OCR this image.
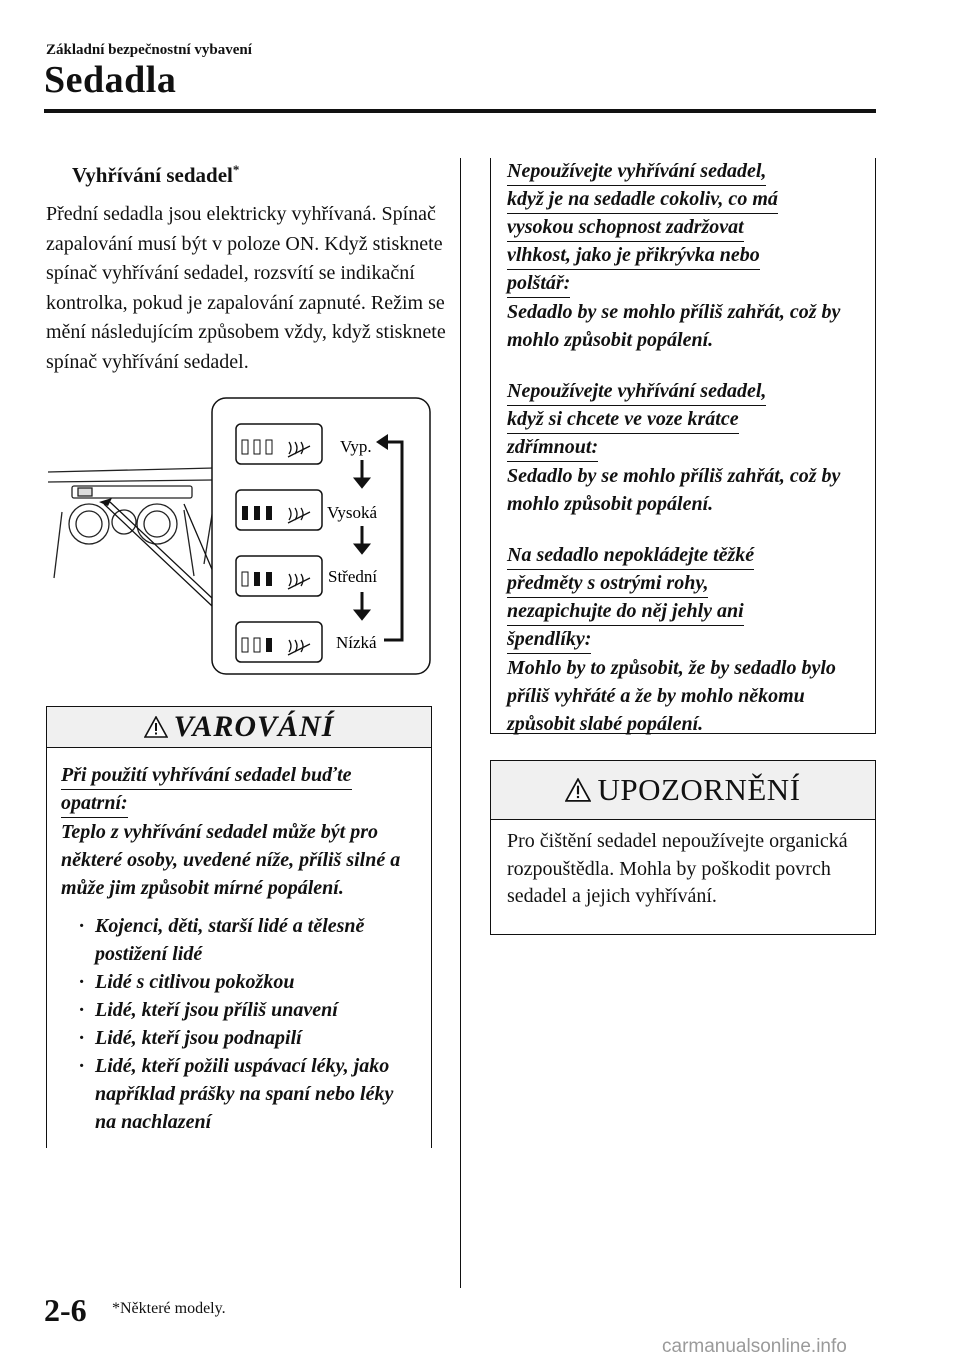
Základní bezpečnostní vybavení
Sedadla
Vyhřívání sedadel*
Přední sedadla jsou elektricky vyhřívaná. Spínač zapalování musí být v poloze ON. Když stisknete spínač vyhřívání sedadel, rozsvítí se indikační kontrolka, pokud je zapalování zapnuté. Režim se mění následujícím způsobem vždy, když stisknete spínač vyhřívání sedadel.
Vyp.
Vysoká
Střední
Nízká
VAROVÁNÍ
Při použití vyhřívání sedadel buďte
opatrní:
Teplo z vyhřívání sedadel může být pro některé osoby, uvedené níže, příliš silné a může jim způsobit mírné popálení.
· Kojenci, děti, starší lidé a tělesně postižení lidé
· Lidé s citlivou pokožkou
· Lidé, kteří jsou příliš unavení
· Lidé, kteří jsou podnapilí
· Lidé, kteří požili uspávací léky, jako například prášky na spaní nebo léky na nachlazení
Nepoužívejte vyhřívání sedadel,
když je na sedadle cokoliv, co má
vysokou schopnost zadržovat
vlhkost, jako je přikrývka nebo
polštář:
Sedadlo by se mohlo příliš zahřát, což by mohlo způsobit popálení.
Nepoužívejte vyhřívání sedadel,
když si chcete ve voze krátce
zdřímnout:
Sedadlo by se mohlo příliš zahřát, což by mohlo způsobit popálení.
Na sedadlo nepokládejte těžké
předměty s ostrými rohy,
nezapichujte do něj jehly ani
špendlíky:
Mohlo by to způsobit, že by sedadlo bylo příliš vyhřáté a že by mohlo někomu způsobit slabé popálení.
UPOZORNĚNÍ
Pro čištění sedadel nepoužívejte organická rozpouštědla. Mohla by poškodit povrch sedadel a jejich vyhřívání.
2-6 *Některé modely.
carmanualsonline.info
